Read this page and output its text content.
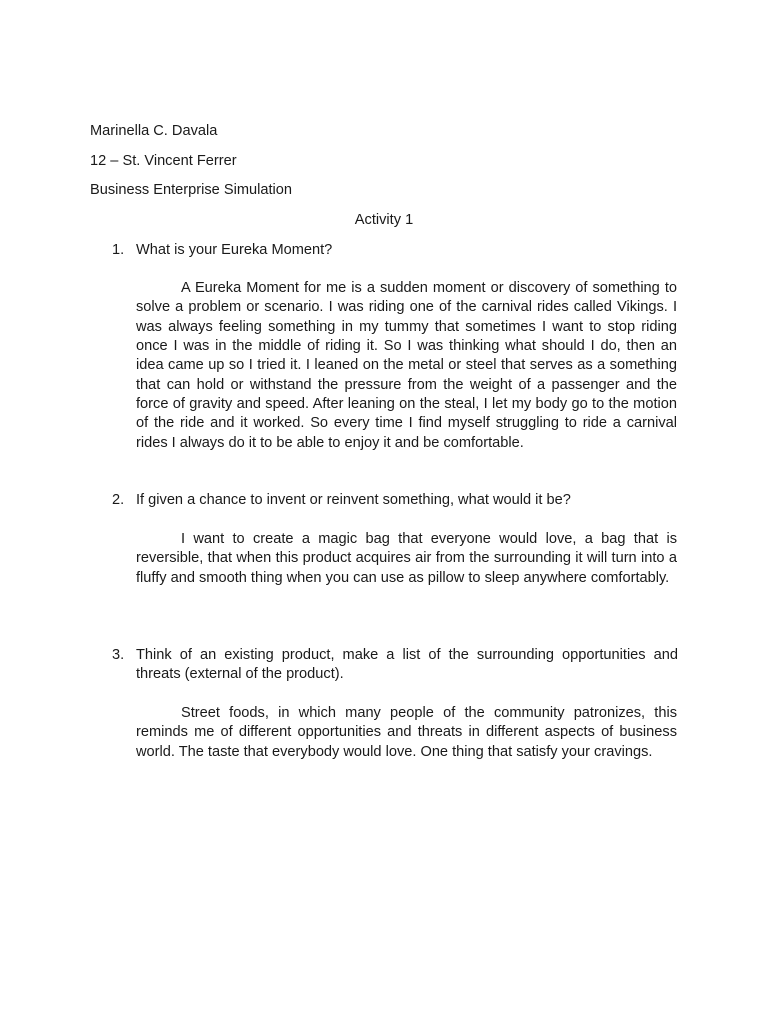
Marinella C. Davala
12 – St. Vincent Ferrer
Business Enterprise Simulation
Activity 1
1. What is your Eureka Moment?

A Eureka Moment for me is a sudden moment or discovery of something to solve a problem or scenario. I was riding one of the carnival rides called Vikings. I was always feeling something in my tummy that sometimes I want to stop riding once I was in the middle of riding it. So I was thinking what should I do, then an idea came up so I tried it. I leaned on the metal or steel that serves as a something that can hold or withstand the pressure from the weight of a passenger and the force of gravity and speed. After leaning on the steal, I let my body go to the motion of the ride and it worked. So every time I find myself struggling to ride a carnival rides I always do it to be able to enjoy it and be comfortable.

2. If given a chance to invent or reinvent something, what would it be?

I want to create a magic bag that everyone would love, a bag that is reversible, that when this product acquires air from the surrounding it will turn into a fluffy and smooth thing when you can use as pillow to sleep anywhere comfortably.

3. Think of an existing product, make a list of the surrounding opportunities and threats (external of the product).

Street foods, in which many people of the community patronizes, this reminds me of different opportunities and threats in different aspects of business world. The taste that everybody would love. One thing that satisfy your cravings.
